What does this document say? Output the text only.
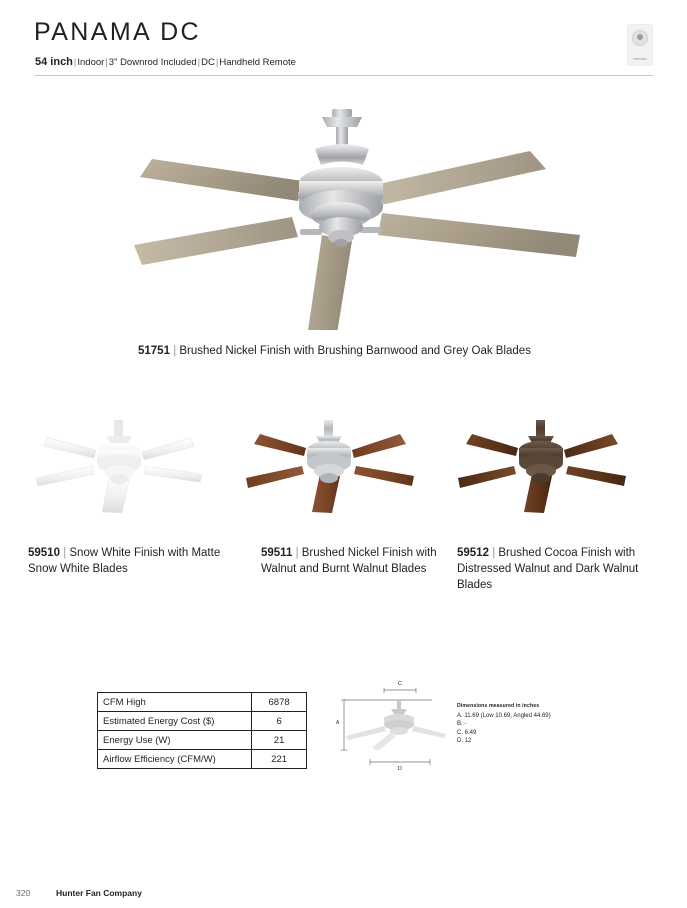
PANAMA DC
54 inch|Indoor|3" Downrod Included|DC|Handheld Remote	remote
51751 | Brushed Nickel Finish with Brushing Barnwood and Grey Oak Blades
59510 | Snow White Finish with Matte Snow White Blades
59511 | Brushed Nickel Finish with Walnut and Burnt Walnut Blades
59512 | Brushed Cocoa Finish with Distressed Walnut and Dark Walnut Blades
CFM High	6878
Estimated Energy Cost ($)	6
Energy Use (W)	21
Airflow Efficiency (CFM/W)	221
A
C
D
Dimensions measured in inches
A. 11.69 (Low 10.69, Angled 44.69)
B. -
C. 6.49
D. 12
320	Hunter Fan Company
